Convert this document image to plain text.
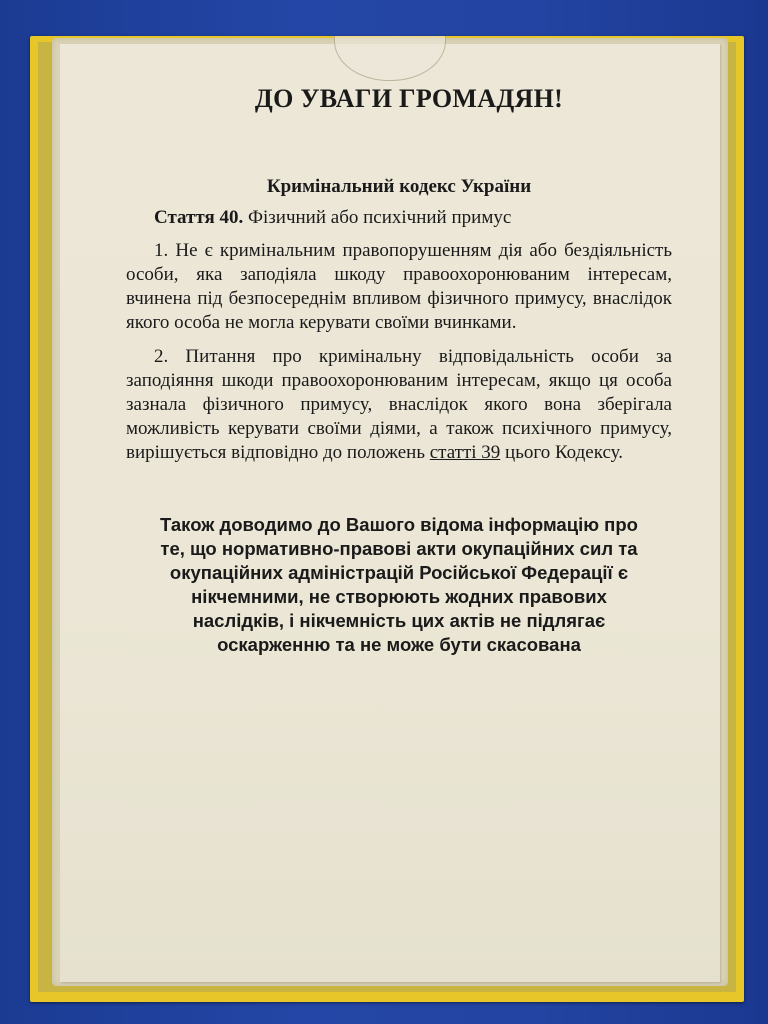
ДО УВАГИ ГРОМАДЯН!

Кримінальний кодекс України

Стаття 40. Фізичний або психічний примус

1. Не є кримінальним правопорушенням дія або бездіяльність особи, яка заподіяла шкоду правоохоронюваним інтересам, вчинена під безпосереднім впливом фізичного примусу, внаслідок якого особа не могла керувати своїми вчинками.

2. Питання про кримінальну відповідальність особи за заподіяння шкоди правоохоронюваним інтересам, якщо ця особа зазнала фізичного примусу, внаслідок якого вона зберігала можливість керувати своїми діями, а також психічного примусу, вирішується відповідно до положень статті 39 цього Кодексу.

Також доводимо до Вашого відома інформацію про
те, що нормативно-правові акти окупаційних сил та
окупаційних адміністрацій Російської Федерації є
нікчемними, не створюють жодних правових
наслідків, і нікчемність цих актів не підлягає
оскарженню та не може бути скасована
